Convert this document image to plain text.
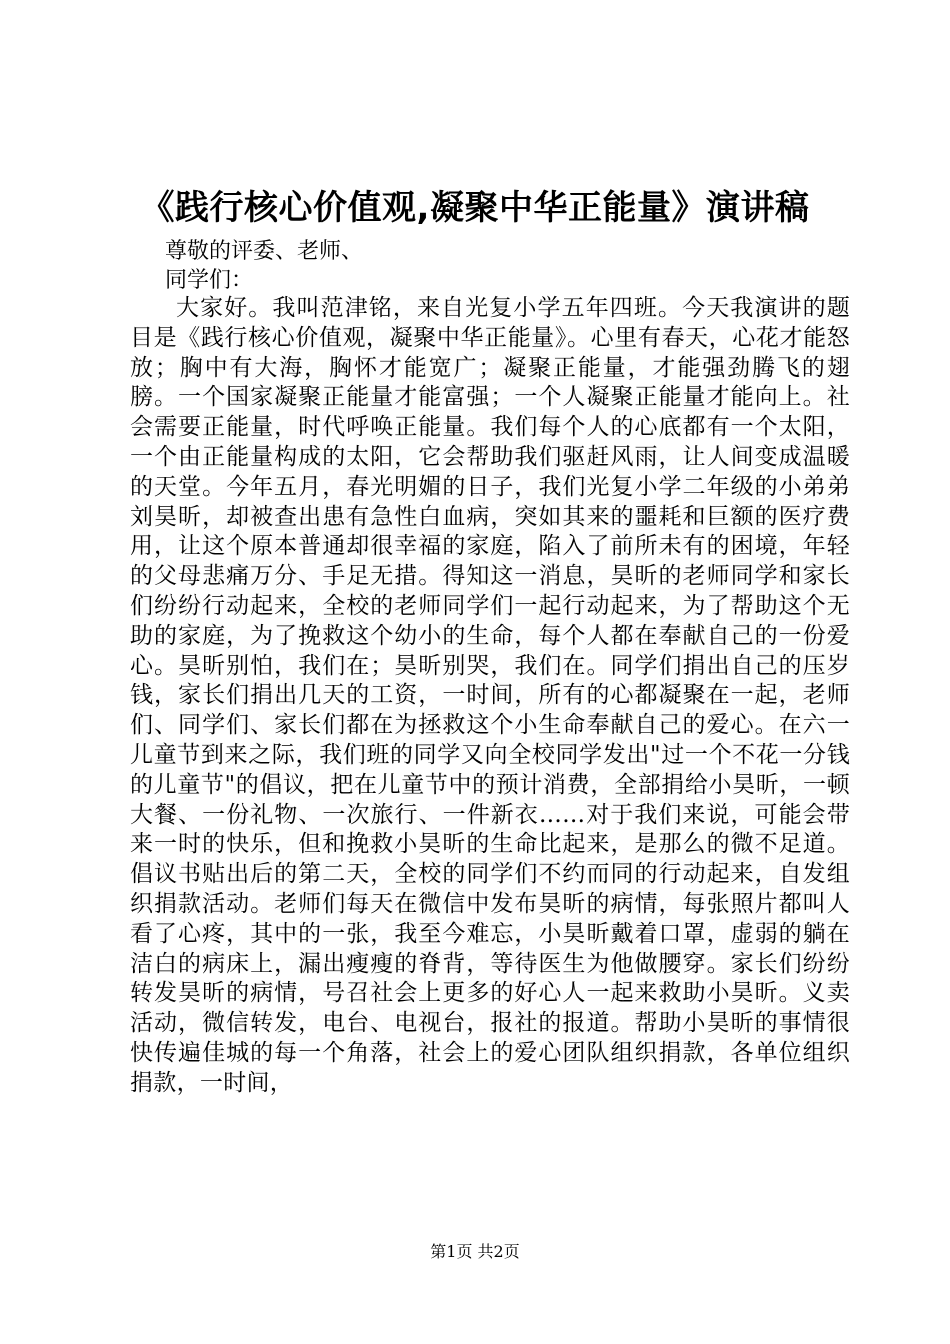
《践行核心价值观,凝聚中华正能量》演讲稿

尊敬的评委、老师、

同学们：

大家好。我叫范津铭，来自光复小学五年四班。今天我演讲的题目是《践行核心价值观，凝聚中华正能量》。心里有春天，心花才能怒放；胸中有大海，胸怀才能宽广；凝聚正能量，才能强劲腾飞的翅膀。一个国家凝聚正能量才能富强；一个人凝聚正能量才能向上。社会需要正能量，时代呼唤正能量。我们每个人的心底都有一个太阳，一个由正能量构成的太阳，它会帮助我们驱赶风雨，让人间变成温暖的天堂。今年五月，春光明媚的日子，我们光复小学二年级的小弟弟刘昊昕，却被查出患有急性白血病，突如其来的噩耗和巨额的医疗费用，让这个原本普通却很幸福的家庭，陷入了前所未有的困境，年轻的父母悲痛万分、手足无措。得知这一消息，昊昕的老师同学和家长们纷纷行动起来，全校的老师同学们一起行动起来，为了帮助这个无助的家庭，为了挽救这个幼小的生命，每个人都在奉献自己的一份爱心。昊昕别怕，我们在；昊昕别哭，我们在。同学们捐出自己的压岁钱，家长们捐出几天的工资，一时间，所有的心都凝聚在一起，老师们、同学们、家长们都在为拯救这个小生命奉献自己的爱心。在六一儿童节到来之际，我们班的同学又向全校同学发出"过一个不花一分钱的儿童节"的倡议，把在儿童节中的预计消费，全部捐给小昊昕，一顿大餐、一份礼物、一次旅行、一件新衣……对于我们来说，可能会带来一时的快乐，但和挽救小昊昕的生命比起来，是那么的微不足道。倡议书贴出后的第二天，全校的同学们不约而同的行动起来，自发组织捐款活动。老师们每天在微信中发布昊昕的病情，每张照片都叫人看了心疼，其中的一张，我至今难忘，小昊昕戴着口罩，虚弱的躺在洁白的病床上，漏出瘦瘦的脊背，等待医生为他做腰穿。家长们纷纷转发昊昕的病情，号召社会上更多的好心人一起来救助小昊昕。义卖活动，微信转发，电台、电视台，报社的报道。帮助小昊昕的事情很快传遍佳城的每一个角落，社会上的爱心团队组织捐款，各单位组织捐款，一时间，

第1页 共2页
